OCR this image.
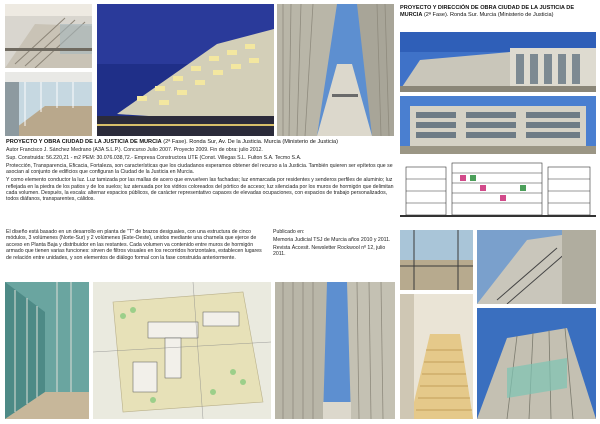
PROYECTO Y DIRECCIÓN DE OBRA CIUDAD DE LA JUSTICIA DE MURCIA (2ª Fase). Ronda Sur. Murcia (Ministerio de Justicia)

PROYECTO Y OBRA CIUDAD DE LA JUSTICIA DE MURCIA (2ª Fase). Ronda Sur, Av. De la Justicia. Murcia (Ministerio de Justicia)

Autor Francisco J. Sánchez Medrano (A3A S.L.P.). Concurso Julio 2007. Proyecto 2009. Fin de obra: julio 2012.

Sup. Construida: 56.220,21 - m2 PEM: 30.076.038,72.- Empresa Constructora UTE (Const. Villegas S.L. Fulton S.A. Tecmo S.A.

Protección, Transparencia, Eficacia, Fortaleza, son características que los ciudadanos esperamos obtener del recurso a la Justicia. También quieren ser epítetos que se asocian al conjunto de edificios que configuran la Ciudad de la Justicia en Murcia.

Y como elemento conductor la luz. Luz tamizada por las mallas de acero que envuelven las fachadas; luz enmarcada por residentes y senderos perfiles de aluminio; luz reflejada en la piedra de los patios y de los suelos; luz atenuada por los vidrios coloreados del pórtico de acceso; luz silenciada por los muros de hormigón que delimitan cada volumen. Después, la escala: alternar espacios públicos, de carácter representativo capaces de elevadas ocupaciones, con espacios de trabajo personalizados, todos diáfanos, transparentes, cálidos.

El diseño está basado en un desarrollo en planta de "T" de brazos desiguales, con una estructura de cinco módulos, 3 volúmenes (Norte-Sur) y 2 volúmenes (Este-Oeste), unidos mediante una charnela que ejerce de acceso en Planta Baja y distribuidor en las restantes. Cada volumen va contenido entre muros de hormigón armado que tienen varias funciones: sirven de filtros visuales en los recorridos horizontales, establecen lugares de relación entre unidades, y son elementos de diálogo formal con la fase construida anteriormente.

Publicado en:

Memoria Judicial TSJ de Murcia años 2010 y 2011.

Revista Áccesit. Newsletter Rockwool nº 12, julio 2011.
